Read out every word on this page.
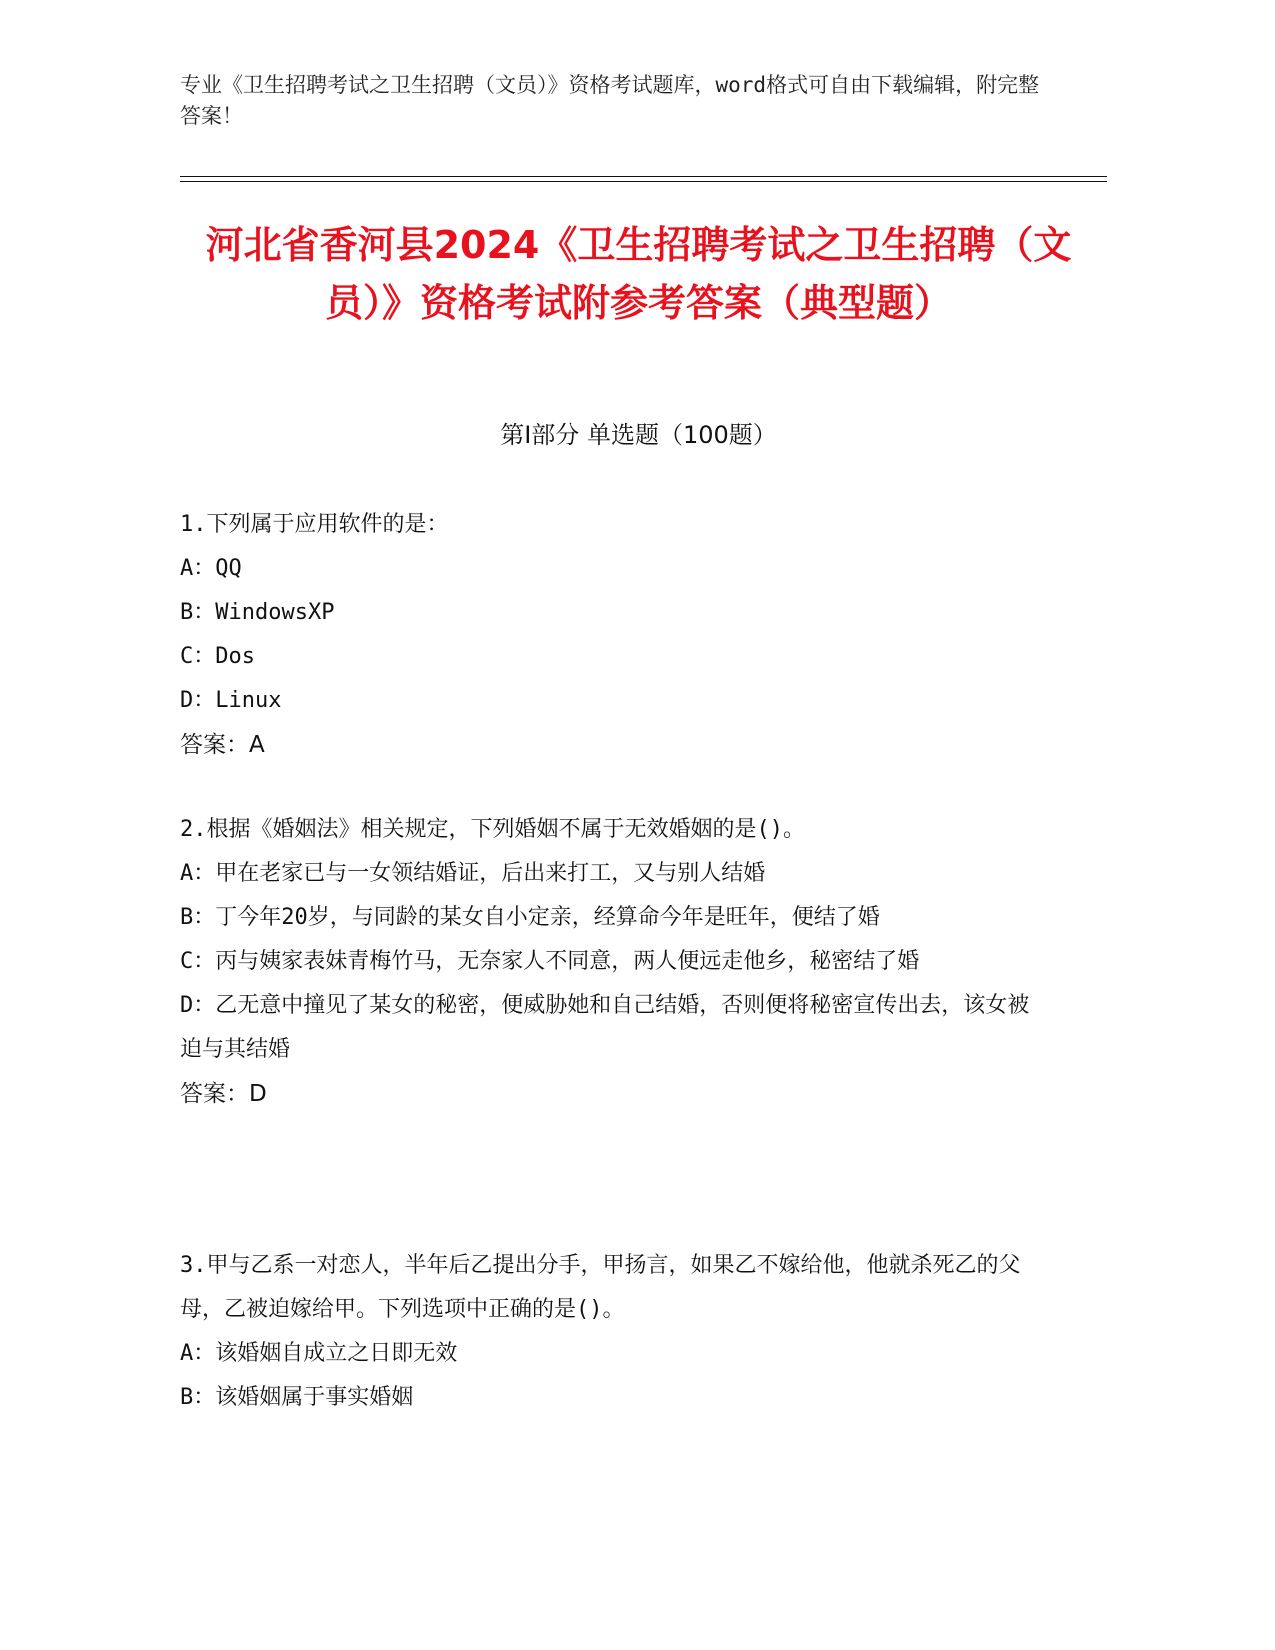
专业《卫生招聘考试之卫生招聘（文员）》资格考试题库，word格式可自由下载编辑，附完整答案！
河北省香河县2024《卫生招聘考试之卫生招聘（文员）》资格考试附参考答案（典型题）
第Ⅰ部分 单选题（100题）
1.下列属于应用软件的是：
A：QQ
B：WindowsXP
C：Dos
D：Linux
答案：A
2.根据《婚姻法》相关规定，下列婚姻不属于无效婚姻的是()。
A：甲在老家已与一女领结婚证，后出来打工，又与别人结婚
B：丁今年20岁，与同龄的某女自小定亲，经算命今年是旺年，便结了婚
C：丙与姨家表妹青梅竹马，无奈家人不同意，两人便远走他乡，秘密结了婚
D：乙无意中撞见了某女的秘密，便威胁她和自己结婚，否则便将秘密宣传出去，该女被迫与其结婚
答案：D
3.甲与乙系一对恋人，半年后乙提出分手，甲扬言，如果乙不嫁给他，他就杀死乙的父母，乙被迫嫁给甲。下列选项中正确的是()。
A：该婚姻自成立之日即无效
B：该婚姻属于事实婚姻
